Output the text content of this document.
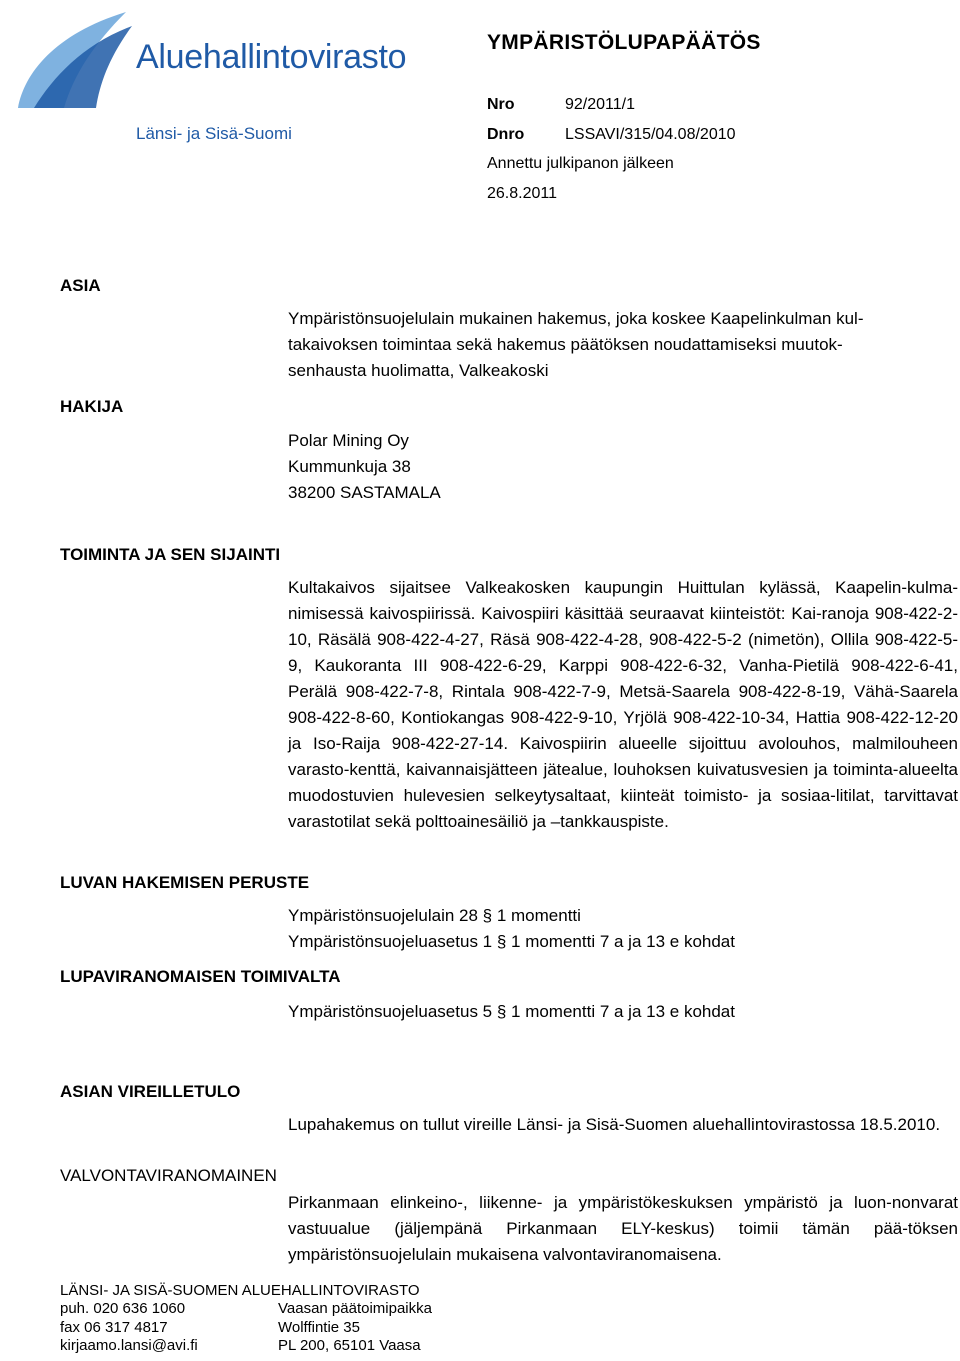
Aluehallintovirasto
Länsi- ja Sisä-Suomi
YMPÄRISTÖLUPAPÄÄTÖS
Nro	92/2011/1
Dnro	LSSAVI/315/04.08/2010
Annettu julkipanon jälkeen
26.8.2011
ASIA
Ympäristönsuojelulain mukainen hakemus, joka koskee Kaapelinkulman kul-
takaivoksen toimintaa sekä hakemus päätöksen noudattamiseksi muutok-
senhausta huolimatta, Valkeakoski
HAKIJA
Polar Mining Oy
Kummunkuja 38
38200 SASTAMALA
TOIMINTA JA SEN SIJAINTI
Kultakaivos sijaitsee Valkeakosken kaupungin Huittulan kylässä, Kaapelin-kulma- nimisessä kaivospiirissä. Kaivospiiri käsittää seuraavat kiinteistöt: Kai-ranoja 908-422-2-10, Räsälä 908-422-4-27, Räsä 908-422-4-28, 908-422-5-2 (nimetön), Ollila 908-422-5-9, Kaukoranta III 908-422-6-29, Karppi 908-422-6-32, Vanha-Pietilä 908-422-6-41, Perälä 908-422-7-8, Rintala 908-422-7-9, Metsä-Saarela 908-422-8-19, Vähä-Saarela 908-422-8-60, Kontiokangas 908-422-9-10, Yrjölä 908-422-10-34, Hattia 908-422-12-20 ja Iso-Raija 908-422-27-14. Kaivospiirin alueelle sijoittuu avolouhos, malmilouheen varasto-kenttä, kaivannaisjätteen jätealue, louhoksen kuivatusvesien ja toiminta-alueelta muodostuvien hulevesien selkeytysaltaat, kiinteät toimisto- ja sosiaa-litilat, tarvittavat varastotilat sekä polttoainesäiliö ja –tankkauspiste.
LUVAN HAKEMISEN PERUSTE
Ympäristönsuojelulain 28 § 1 momentti
Ympäristönsuojeluasetus 1 § 1 momentti 7 a ja 13 e kohdat
LUPAVIRANOMAISEN TOIMIVALTA
Ympäristönsuojeluasetus 5 § 1 momentti 7 a ja 13 e kohdat
ASIAN VIREILLETULO
Lupahakemus on tullut vireille Länsi- ja Sisä-Suomen aluehallintovirastossa 18.5.2010.
VALVONTAVIRANOMAINEN
Pirkanmaan elinkeino-, liikenne- ja ympäristökeskuksen ympäristö ja luon-nonvarat vastuualue (jäljempänä Pirkanmaan ELY-keskus) toimii tämän pää-töksen ympäristönsuojelulain mukaisena valvontaviranomaisena.
LÄNSI- JA SISÄ-SUOMEN ALUEHALLINTOVIRASTO
puh. 020 636 1060
fax 06 317 4817
kirjaamo.lansi@avi.fi
Vaasan päätoimipaikka
Wolffintie 35
PL 200, 65101 Vaasa
